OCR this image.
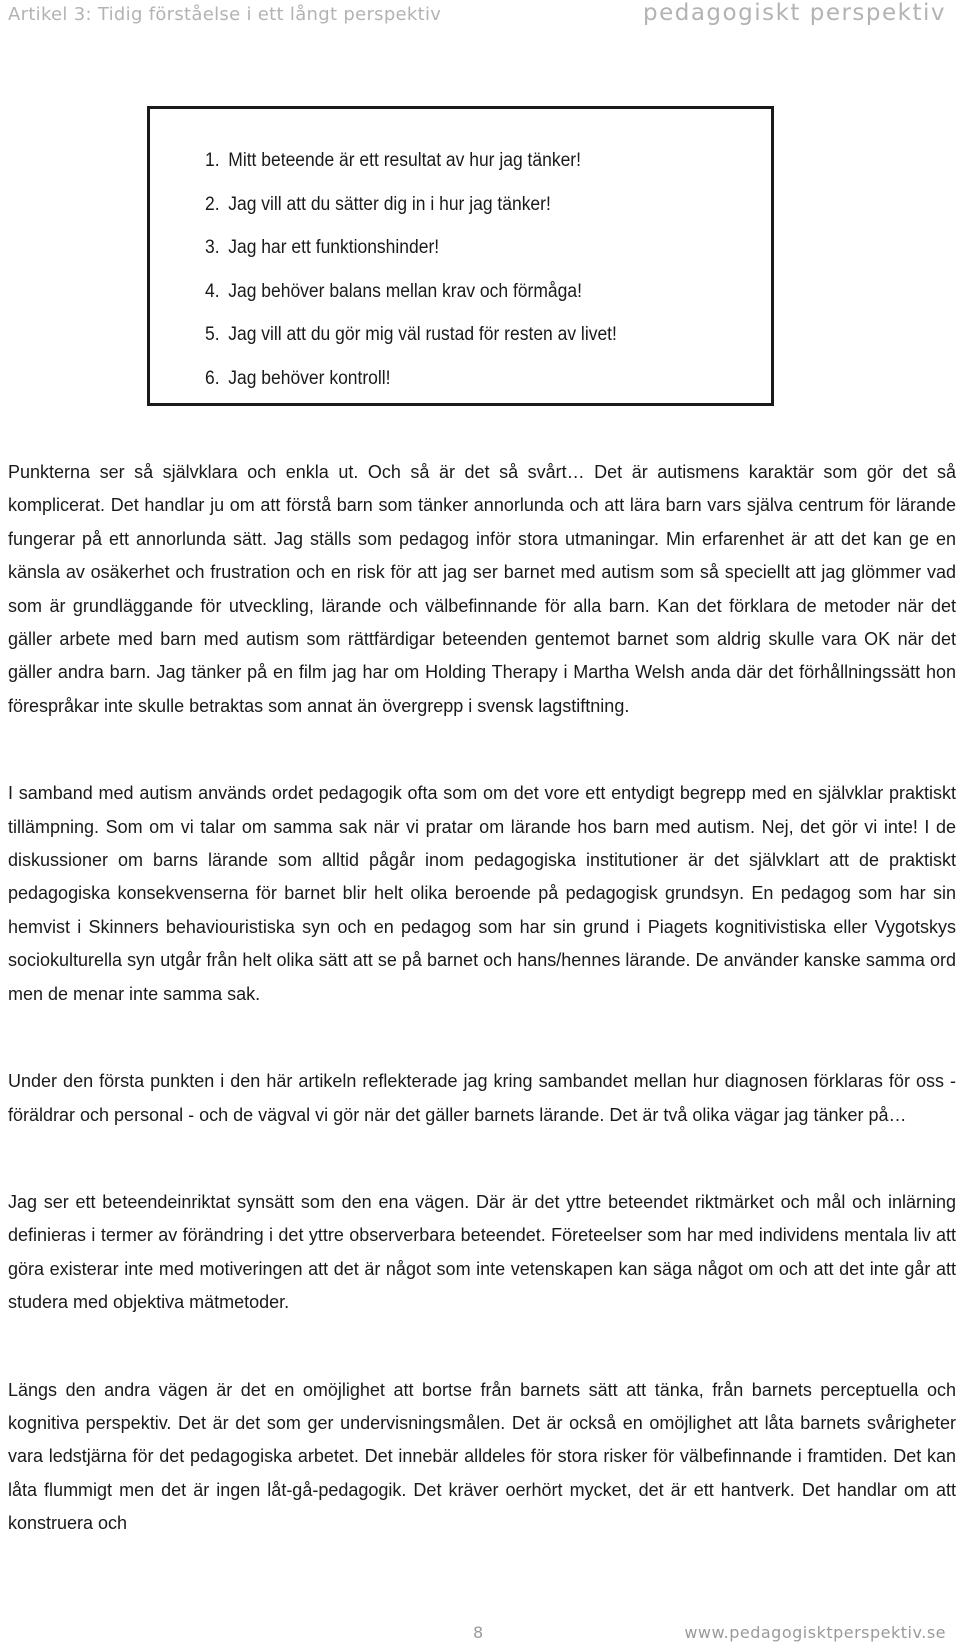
Artikel 3: Tidig förståelse i ett långt perspektiv	pedagogiskt perspektiv
1. Mitt beteende är ett resultat av hur jag tänker!
2. Jag vill att du sätter dig in i hur jag tänker!
3. Jag har ett funktionshinder!
4. Jag behöver balans mellan krav och förmåga!
5. Jag vill att du gör mig väl rustad för resten av livet!
6. Jag behöver kontroll!

Punkterna ser så självklara och enkla ut. Och så är det så svårt… Det är autismens karaktär som gör det så komplicerat. Det handlar ju om att förstå barn som tänker annorlunda och att lära barn vars själva centrum för lärande fungerar på ett annorlunda sätt. Jag ställs som pedagog inför stora utmaningar. Min erfarenhet är att det kan ge en känsla av osäkerhet och frustration och en risk för att jag ser barnet med autism som så speciellt att jag glömmer vad som är grundläggande för utveckling, lärande och välbefinnande för alla barn. Kan det förklara de metoder när det gäller arbete med barn med autism som rättfärdigar beteenden gentemot barnet som aldrig skulle vara OK när det gäller andra barn. Jag tänker på en film jag har om Holding Therapy i Martha Welsh anda där det förhållningssätt hon förespråkar inte skulle betraktas som annat än övergrepp i svensk lagstiftning.

I samband med autism används ordet pedagogik ofta som om det vore ett entydigt begrepp med en självklar praktiskt tillämpning. Som om vi talar om samma sak när vi pratar om lärande hos barn med autism. Nej, det gör vi inte! I de diskussioner om barns lärande som alltid pågår inom pedagogiska institutioner är det självklart att de praktiskt pedagogiska konsekvenserna för barnet blir helt olika beroende på pedagogisk grundsyn. En pedagog som har sin hemvist i Skinners behaviouristiska syn och en pedagog som har sin grund i Piagets kognitivistiska eller Vygotskys sociokulturella syn utgår från helt olika sätt att se på barnet och hans/hennes lärande. De använder kanske samma ord men de menar inte samma sak.

Under den första punkten i den här artikeln reflekterade jag kring sambandet mellan hur diagnosen förklaras för oss - föräldrar och personal - och de vägval vi gör när det gäller barnets lärande. Det är två olika vägar jag tänker på…

Jag ser ett beteendeinriktat synsätt som den ena vägen. Där är det yttre beteendet riktmärket och mål och inlärning definieras i termer av förändring i det yttre observerbara beteendet. Företeelser som har med individens mentala liv att göra existerar inte med motiveringen att det är något som inte vetenskapen kan säga något om och att det inte går att studera med objektiva mätmetoder.

Längs den andra vägen är det en omöjlighet att bortse från barnets sätt att tänka, från barnets perceptuella och kognitiva perspektiv. Det är det som ger undervisningsmålen. Det är också en omöjlighet att låta barnets svårigheter vara ledstjärna för det pedagogiska arbetet. Det innebär alldeles för stora risker för välbefinnande i framtiden. Det kan låta flummigt men det är ingen låt-gå-pedagogik. Det kräver oerhört mycket, det är ett hantverk. Det handlar om att konstruera och

8	www.pedagogisktperspektiv.se
